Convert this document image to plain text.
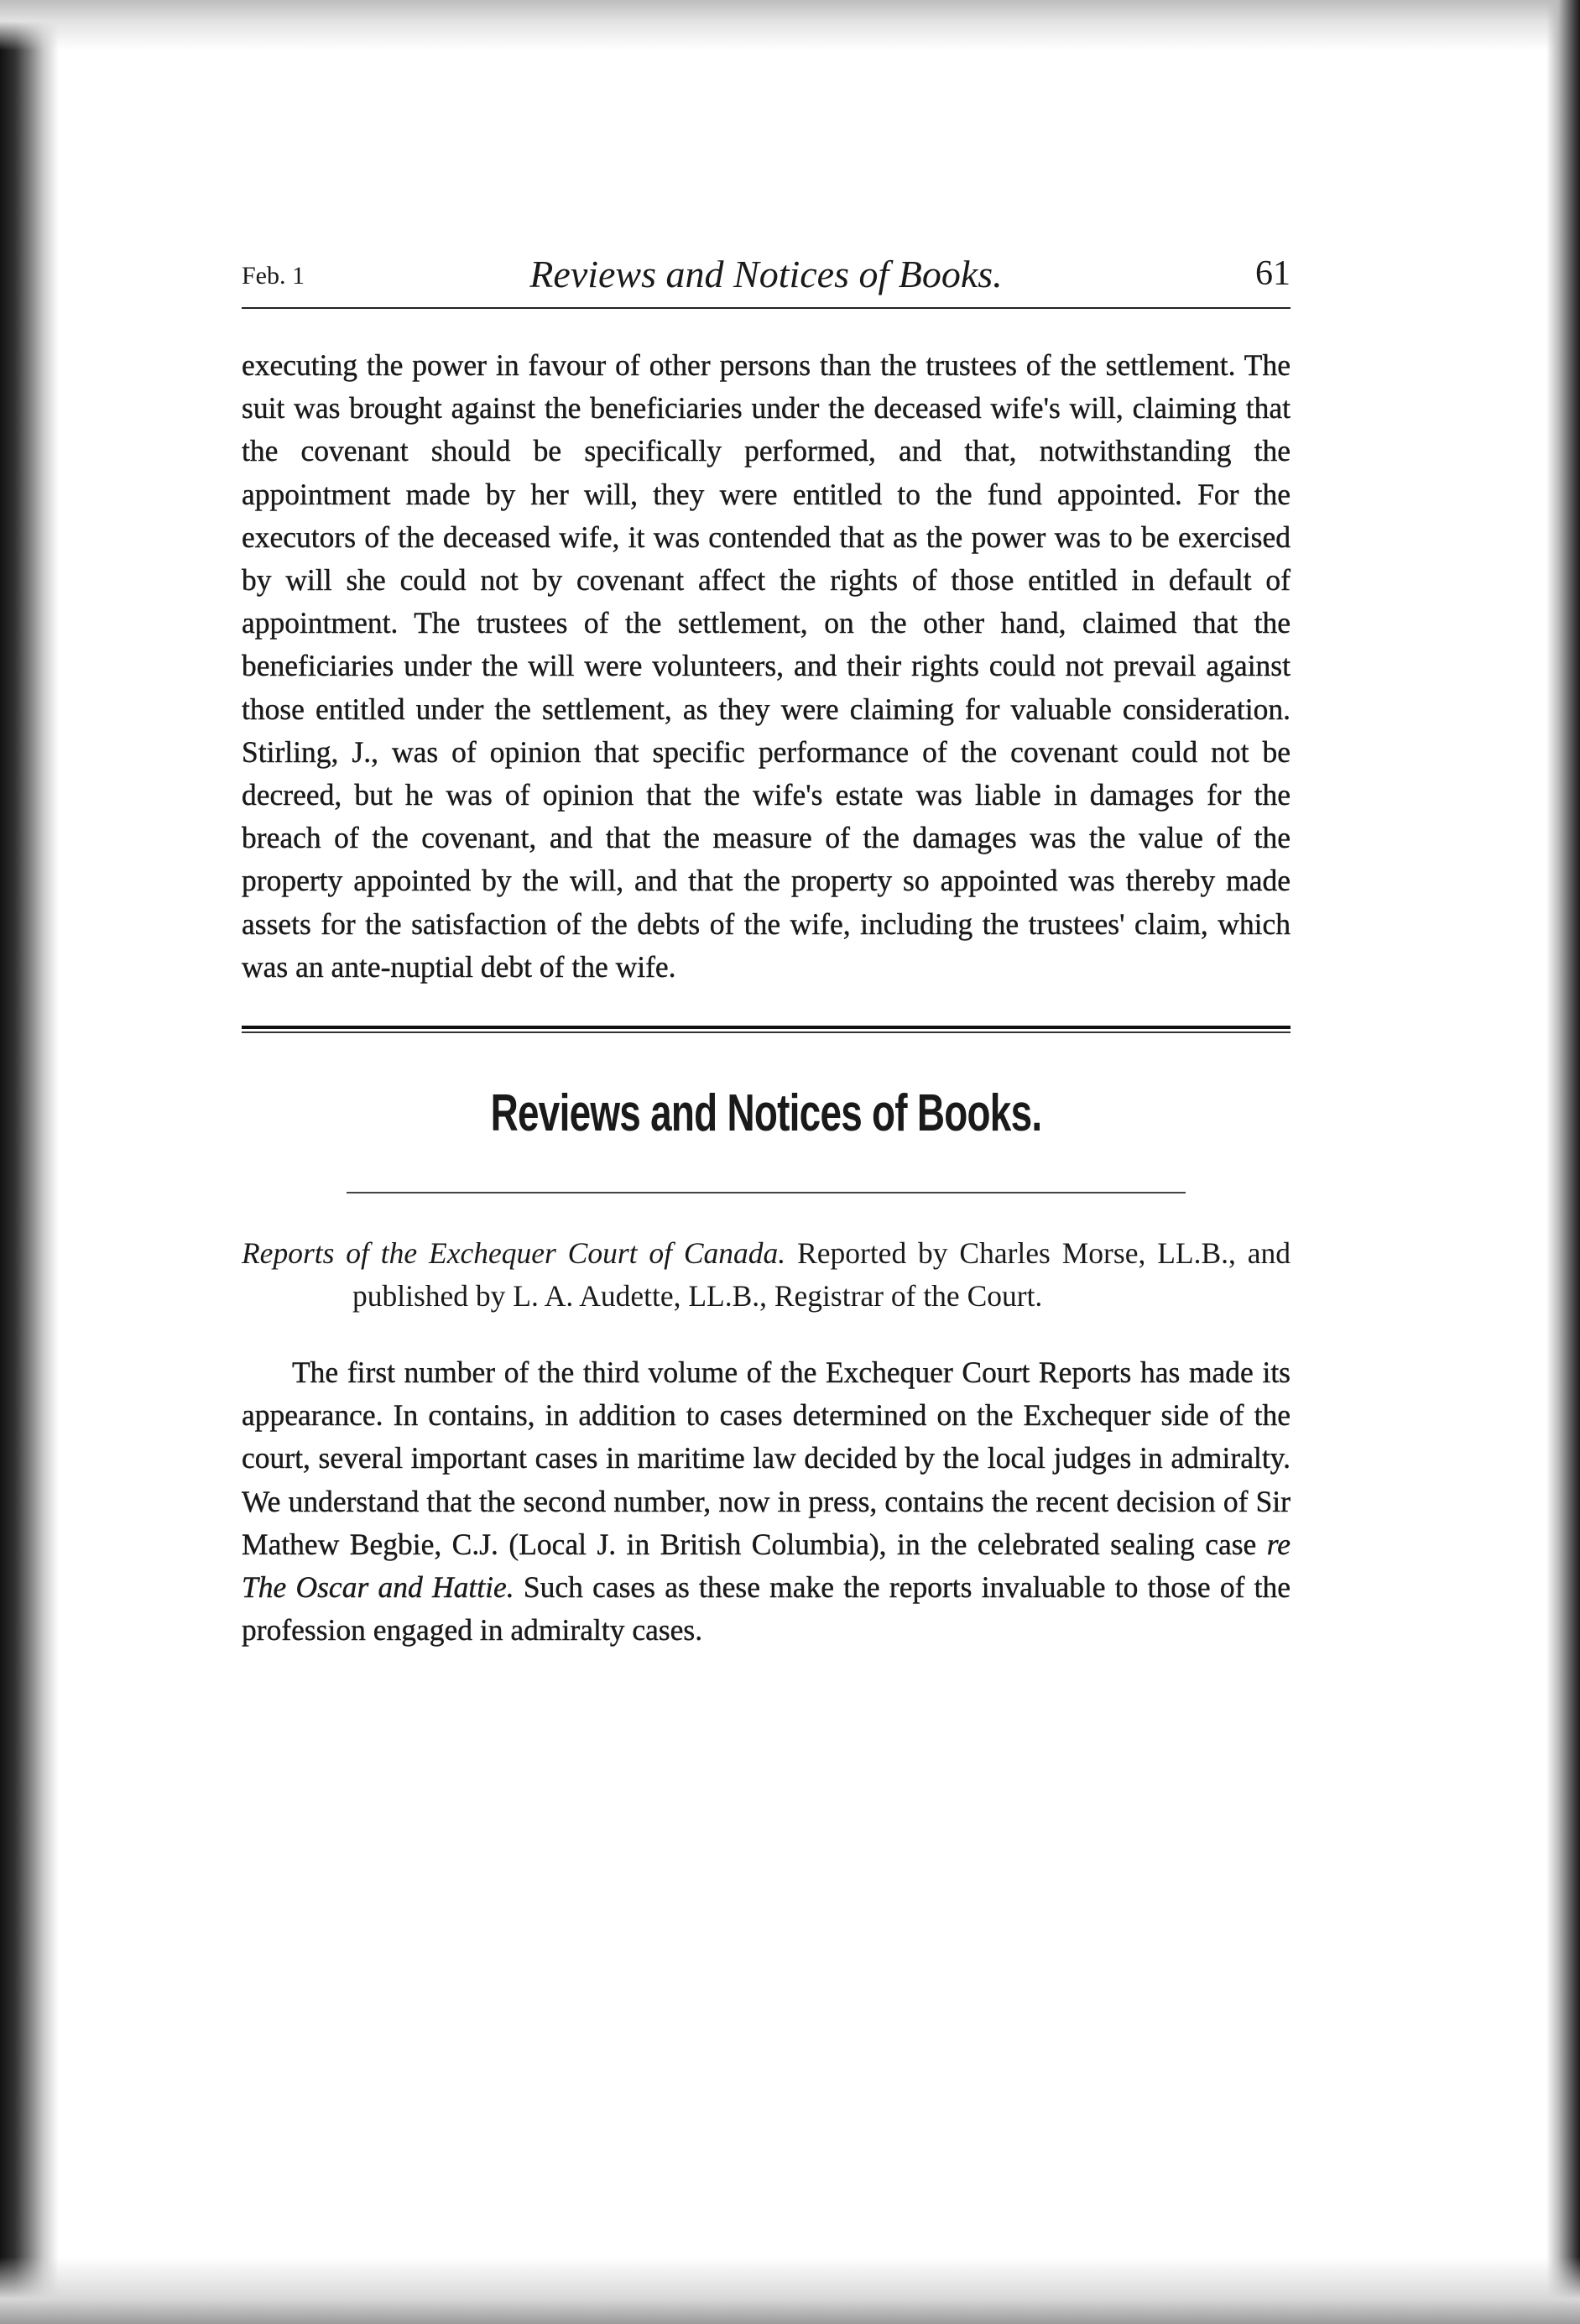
Feb. 1	Reviews and Notices of Books.	61

executing the power in favour of other persons than the trustees of the settlement. The suit was brought against the beneficiaries under the deceased wife's will, claiming that the covenant should be specifically performed, and that, notwithstanding the appointment made by her will, they were entitled to the fund appointed. For the executors of the deceased wife, it was contended that as the power was to be exercised by will she could not by covenant affect the rights of those entitled in default of appointment. The trustees of the settlement, on the other hand, claimed that the beneficiaries under the will were volunteers, and their rights could not prevail against those entitled under the settlement, as they were claiming for valuable consideration. Stirling, J., was of opinion that specific performance of the covenant could not be decreed, but he was of opinion that the wife's estate was liable in damages for the breach of the covenant, and that the measure of the damages was the value of the property appointed by the will, and that the property so appointed was thereby made assets for the satisfaction of the debts of the wife, including the trustees' claim, which was an ante-nuptial debt of the wife.

Reviews and Notices of Books.

Reports of the Exchequer Court of Canada. Reported by Charles Morse, LL.B., and published by L. A. Audette, LL.B., Registrar of the Court.

The first number of the third volume of the Exchequer Court Reports has made its appearance. In contains, in addition to cases determined on the Exchequer side of the court, several important cases in maritime law decided by the local judges in admiralty. We understand that the second number, now in press, contains the recent decision of Sir Mathew Begbie, C.J. (Local J. in British Columbia), in the celebrated sealing case re The Oscar and Hattie. Such cases as these make the reports invaluable to those of the profession engaged in admiralty cases.
